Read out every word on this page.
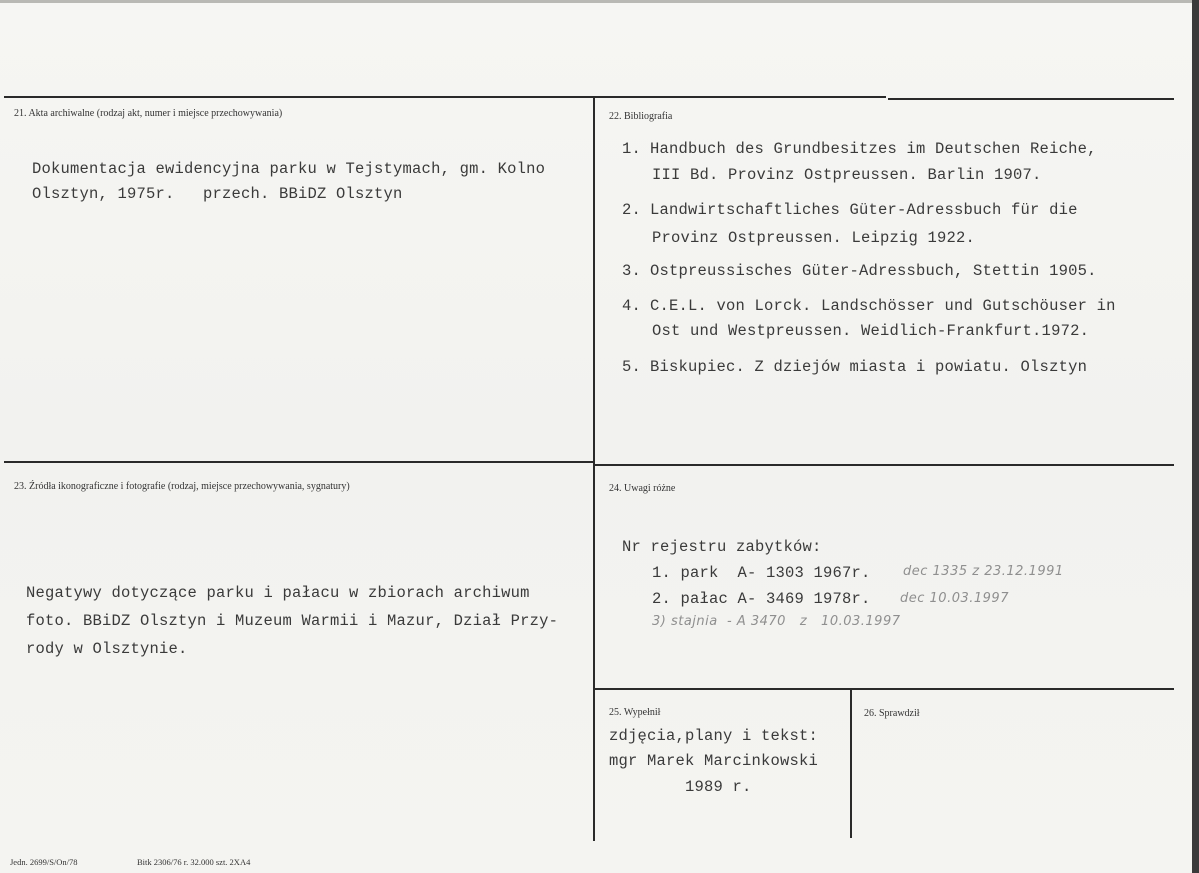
21. Akta archiwalne (rodzaj akt, numer i miejsce przechowywania)
Dokumentacja ewidencyjna parku w Tejstymach, gm. Kolno
Olsztyn, 1975r.   przech. BBiDZ Olsztyn
22. Bibliografia
1. Handbuch des Grundbesitzes im Deutschen Reiche,
III Bd. Provinz Ostpreussen. Barlin 1907.
2. Landwirtschaftliches Güter-Adressbuch für die
Provinz Ostpreussen. Leipzig 1922.
3. Ostpreussisches Güter-Adressbuch, Stettin 1905.
4. C.E.L. von Lorck. Landschösser und Gutschöuser in
Ost und Westpreussen. Weidlich-Frankfurt.1972.
5. Biskupiec. Z dziejów miasta i powiatu. Olsztyn
23. Źródła ikonograficzne i fotografie (rodzaj, miejsce przechowywania, sygnatury)
Negatywy dotyczące parku i pałacu w zbiorach archiwum
foto. BBiDZ Olsztyn i Muzeum Warmii i Mazur, Dział Przy-
rody w Olsztynie.
24. Uwagi różne
Nr rejestru zabytków:
1. park  A- 1303 1967r. dec 1335 z 23.12.1991
2. pałac A- 3469 1978r. dec 10.03.1997
3) stajnia  - A 3470   z   10.03.1997
25. Wypełnił
zdjęcia,plany i tekst:
mgr Marek Marcinkowski
1989 r.
26. Sprawdził
Jedn. 2699/S/On/78	Bitk 2306/76 r. 32.000 szt. 2XA4
